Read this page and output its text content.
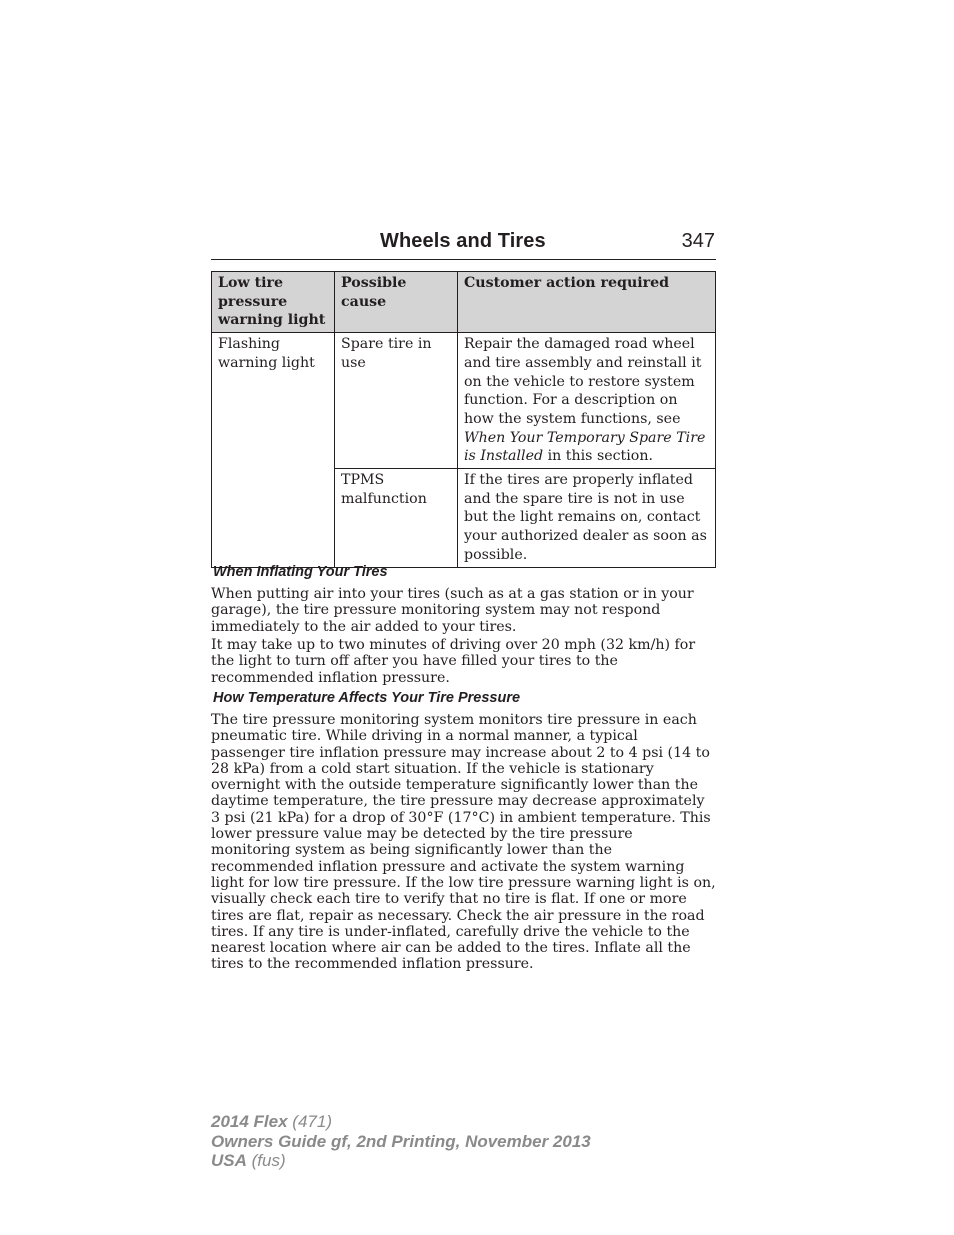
Wheels and Tires	347
Low tire pressure warning light	Possible cause	Customer action required
Flashing warning light	Spare tire in use	Repair the damaged road wheel and tire assembly and reinstall it on the vehicle to restore system function. For a description on how the system functions, see When Your Temporary Spare Tire is Installed in this section.
	TPMS malfunction	If the tires are properly inflated and the spare tire is not in use but the light remains on, contact your authorized dealer as soon as possible.
When Inflating Your Tires
When putting air into your tires (such as at a gas station or in your garage), the tire pressure monitoring system may not respond immediately to the air added to your tires.
It may take up to two minutes of driving over 20 mph (32 km/h) for the light to turn off after you have filled your tires to the recommended inflation pressure.
How Temperature Affects Your Tire Pressure
The tire pressure monitoring system monitors tire pressure in each pneumatic tire. While driving in a normal manner, a typical passenger tire inflation pressure may increase about 2 to 4 psi (14 to 28 kPa) from a cold start situation. If the vehicle is stationary overnight with the outside temperature significantly lower than the daytime temperature, the tire pressure may decrease approximately 3 psi (21 kPa) for a drop of 30°F (17°C) in ambient temperature. This lower pressure value may be detected by the tire pressure monitoring system as being significantly lower than the recommended inflation pressure and activate the system warning light for low tire pressure. If the low tire pressure warning light is on, visually check each tire to verify that no tire is flat. If one or more tires are flat, repair as necessary. Check the air pressure in the road tires. If any tire is under-inflated, carefully drive the vehicle to the nearest location where air can be added to the tires. Inflate all the tires to the recommended inflation pressure.
2014 Flex (471)
Owners Guide gf, 2nd Printing, November 2013
USA (fus)
